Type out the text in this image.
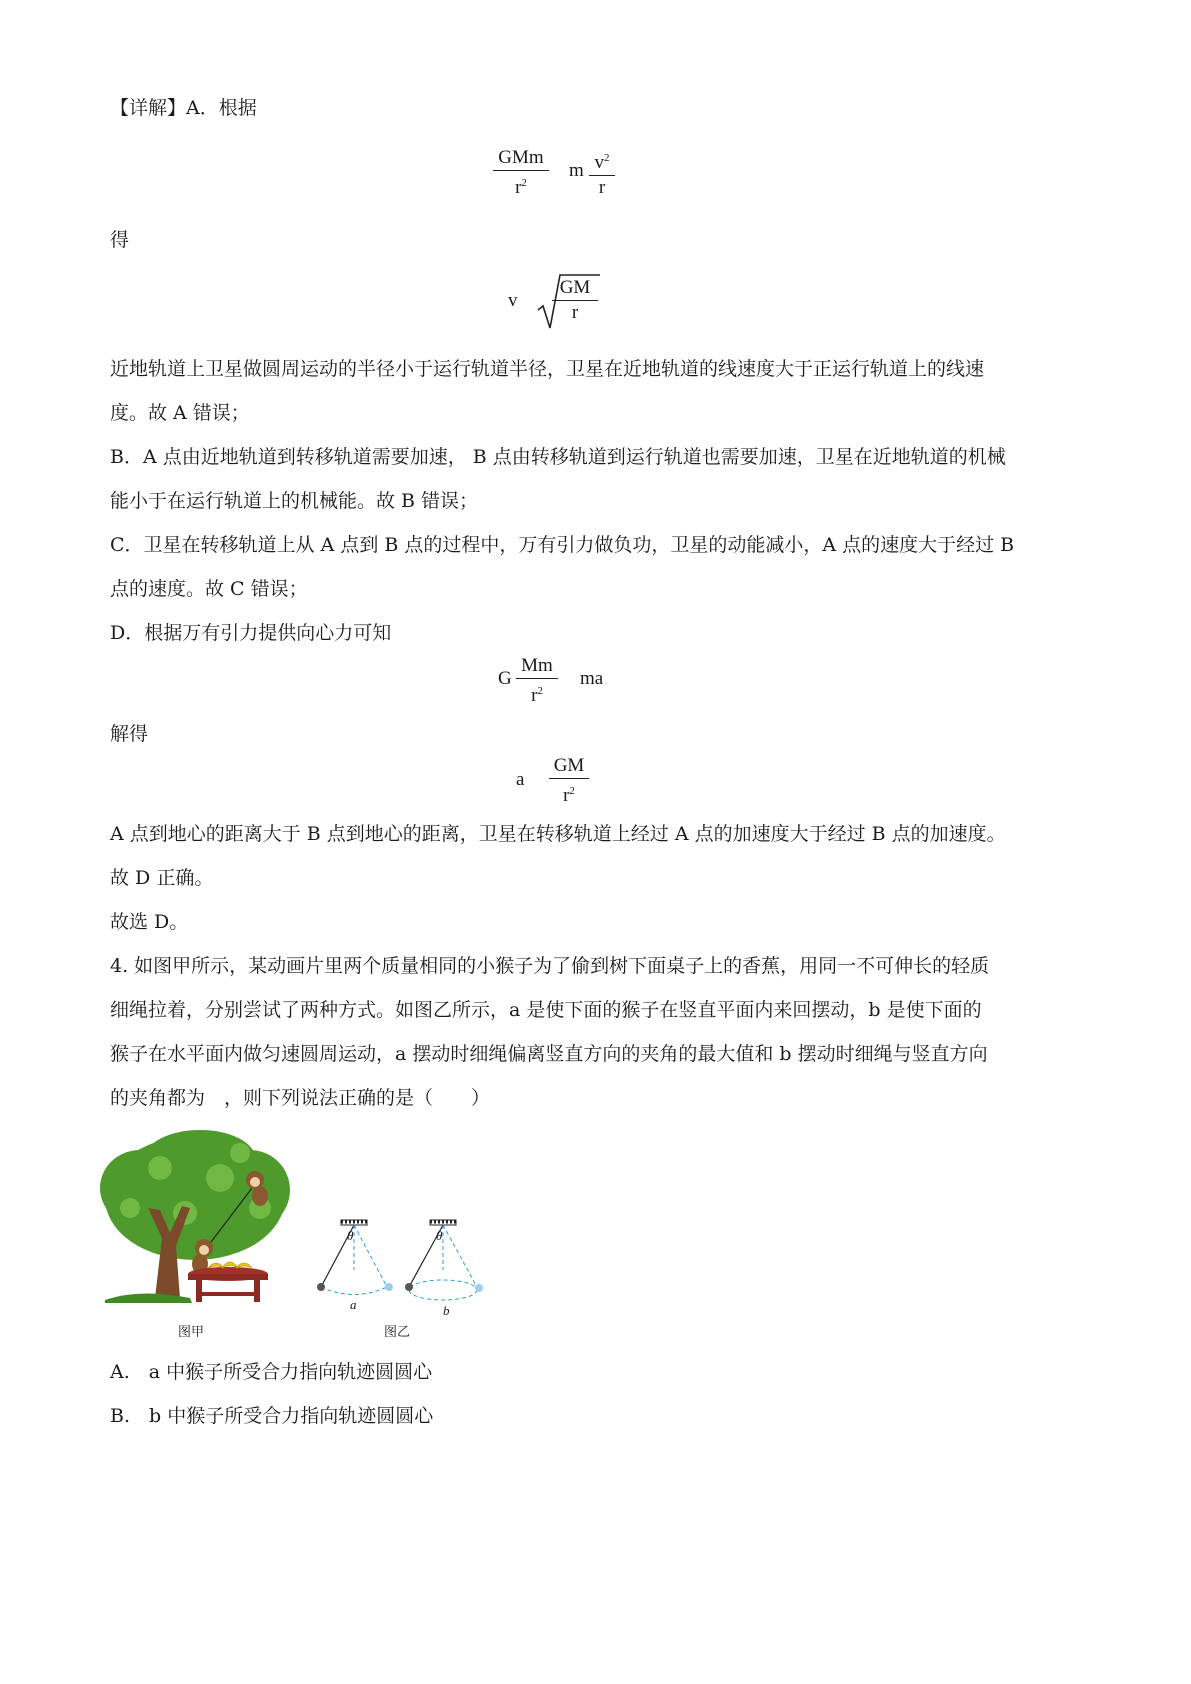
【详解】A．根据
GMm
$r^2$
m $v^2$
r
得
v
GM
r
近地轨道上卫星做圆周运动的半径小于运行轨道半径，卫星在近地轨道的线速度大于正运行轨道上的线速
度。故 A 错误；
B．A 点由近地轨道到转移轨道需要加速， B 点由转移轨道到运行轨道也需要加速，卫星在近地轨道的机械
能小于在运行轨道上的机械能。故 B 错误；
C．卫星在转移轨道上从 A 点到 B 点的过程中，万有引力做负功，卫星的动能减小，A 点的速度大于经过 B
点的速度。故 C 错误；
D．根据万有引力提供向心力可知
G
Mm
$r^2$
ma
解得
a
GM
$r^2$
A 点到地心的距离大于 B 点到地心的距离，卫星在转移轨道上经过 A 点的加速度大于经过 B 点的加速度。
故 D 正确。
故选 D。
4. 如图甲所示，某动画片里两个质量相同的小猴子为了偷到树下面桌子上的香蕉，用同一不可伸长的轻质
细绳拉着，分别尝试了两种方式。如图乙所示，a 是使下面的猴子在竖直平面内来回摆动，b 是使下面的
猴子在水平面内做匀速圆周运动，a 摆动时细绳偏离竖直方向的夹角的最大值和 b 摆动时细绳与竖直方向
的夹角都为　，则下列说法正确的是（　　）
图甲
θ	θ
a	b
图乙
A.　a 中猴子所受合力指向轨迹圆圆心
B.　b 中猴子所受合力指向轨迹圆圆心
